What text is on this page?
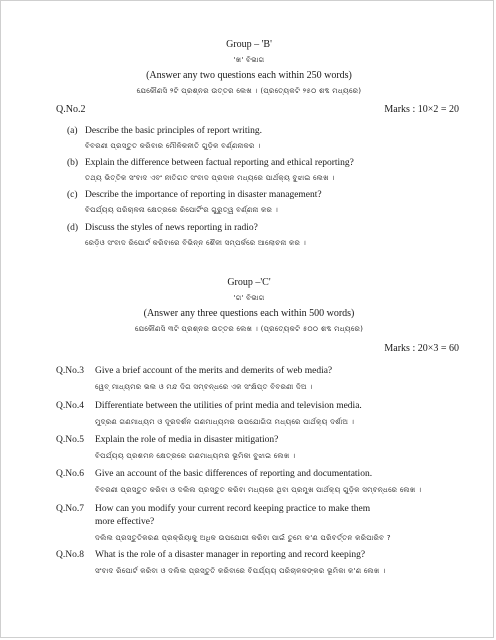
Group – 'B'
'ଖ' ବିଭାଗ
(Answer any two questions each within 250 words)
ଯେକୌଣସି ୨ଟି ପ୍ରଶ୍ନର ଉତ୍ତର ଲେଖ । (ପ୍ରତ୍ୟେକଟି ୨୫୦ ଶବ୍ଦ ମଧ୍ୟରେ)
Q.No.2	Marks : 10×2 = 20
(a) Describe the basic principles of report writing.
ବିବରଣୀ ପ୍ରସ୍ତୁତ କରିବାର ମୌଳିକନୀତି ଗୁଡ଼ିକ ବର୍ଣ୍ଣନାକର ।
(b) Explain the difference between factual reporting and ethical reporting?
ତଥ୍ୟ ଭିତ୍ତିକ ସଂବାଦ ଏବଂ ନୀତିଗତ ସଂବାଦ ପ୍ରଦାନ ମଧ୍ୟରେ ପାର୍ଥକ୍ୟ ବୁଝାଇ ଲେଖ ।
(c) Describe the importance of reporting in disaster management?
ବିପର୍ଯ୍ୟୟ ପରିଚାଳନା କ୍ଷେତ୍ରରେ ରିପୋର୍ଟିଂର ଗୁରୁତ୍ୱ ବର୍ଣ୍ଣନା କର ।
(d) Discuss the styles of news reporting in radio?
ରେଡ଼ିଓ ସଂବାଦ ରିପୋର୍ଟ କରିବାରେ ବିଭିନ୍ନ ଶୈଳୀ ସମ୍ପର୍କରେ ଆଲୋଚନା କର ।
Group –'C'
'ଗ' ବିଭାଗ
(Answer any three questions each within 500 words)
ଯେକୌଣସି ୩ଟି ପ୍ରଶ୍ନର ଉତ୍ତର ଲେଖ । (ପ୍ରତ୍ୟେକଟି ୫୦୦ ଶବ୍ଦ ମଧ୍ୟରେ)
Marks : 20×3 = 60
Q.No.3 Give a brief account of the merits and demerits of web media?
ୱେବ୍ ମାଧ୍ୟମର ଭଲ ଓ ମନ୍ଦ ଦିଗ ସମ୍ବନ୍ଧରେ ଏକ ସଂକ୍ଷିପ୍ତ ବିବରଣୀ ଦିଅ ।
Q.No.4 Differentiate between the utilities of print media and television media.
ମୁଦ୍ରଣ ଗଣମାଧ୍ୟମ ଓ ଦୂରଦର୍ଶନ ଗଣମାଧ୍ୟମର ଉପଯୋଗିତା ମଧ୍ୟରେ ପାର୍ଥକ୍ୟ ଦର୍ଶାଅ ।
Q.No.5 Explain the role of media in disaster mitigation?
ବିପର୍ଯ୍ୟୟ ପ୍ରଶମନ କ୍ଷେତ୍ରରେ ଗଣମାଧ୍ୟମର ଭୂମିକା ବୁଝାଇ ଲେଖ ।
Q.No.6 Give an account of the basic differences of reporting and documentation.
ବିବରଣୀ ପ୍ରସ୍ତୁତ କରିବା ଓ ଦଲିଲ ପ୍ରସ୍ତୁତ କରିବା ମଧ୍ୟରେ ଥିବା ପ୍ରମୁଖ ପାର୍ଥକ୍ୟ ଗୁଡ଼ିକ ସମ୍ବନ୍ଧରେ ଲେଖ ।
Q.No.7 How can you modify your current record keeping practice to make them
more effective?
ଦଲିଲ ପ୍ରସ୍ତୁତିକରଣ ପ୍ରକ୍ରିୟାକୁ ଅଧିକ ଉପଯୋଗୀ କରିବା ପାଇଁ ତୁମେ କ'ଣ ପରିବର୍ତ୍ତନ କରିପାରିବ ?
Q.No.8 What is the role of a disaster manager in reporting and record keeping?
ସଂବାଦ ରିପୋର୍ଟ କରିବା ଓ ଦଲିଲ ପ୍ରସ୍ତୁତି କରିବାରେ ବିପର୍ଯ୍ୟୟ ପରିଚାଳକଙ୍କର ଭୂମିକା କ'ଣ ଲେଖ ।
